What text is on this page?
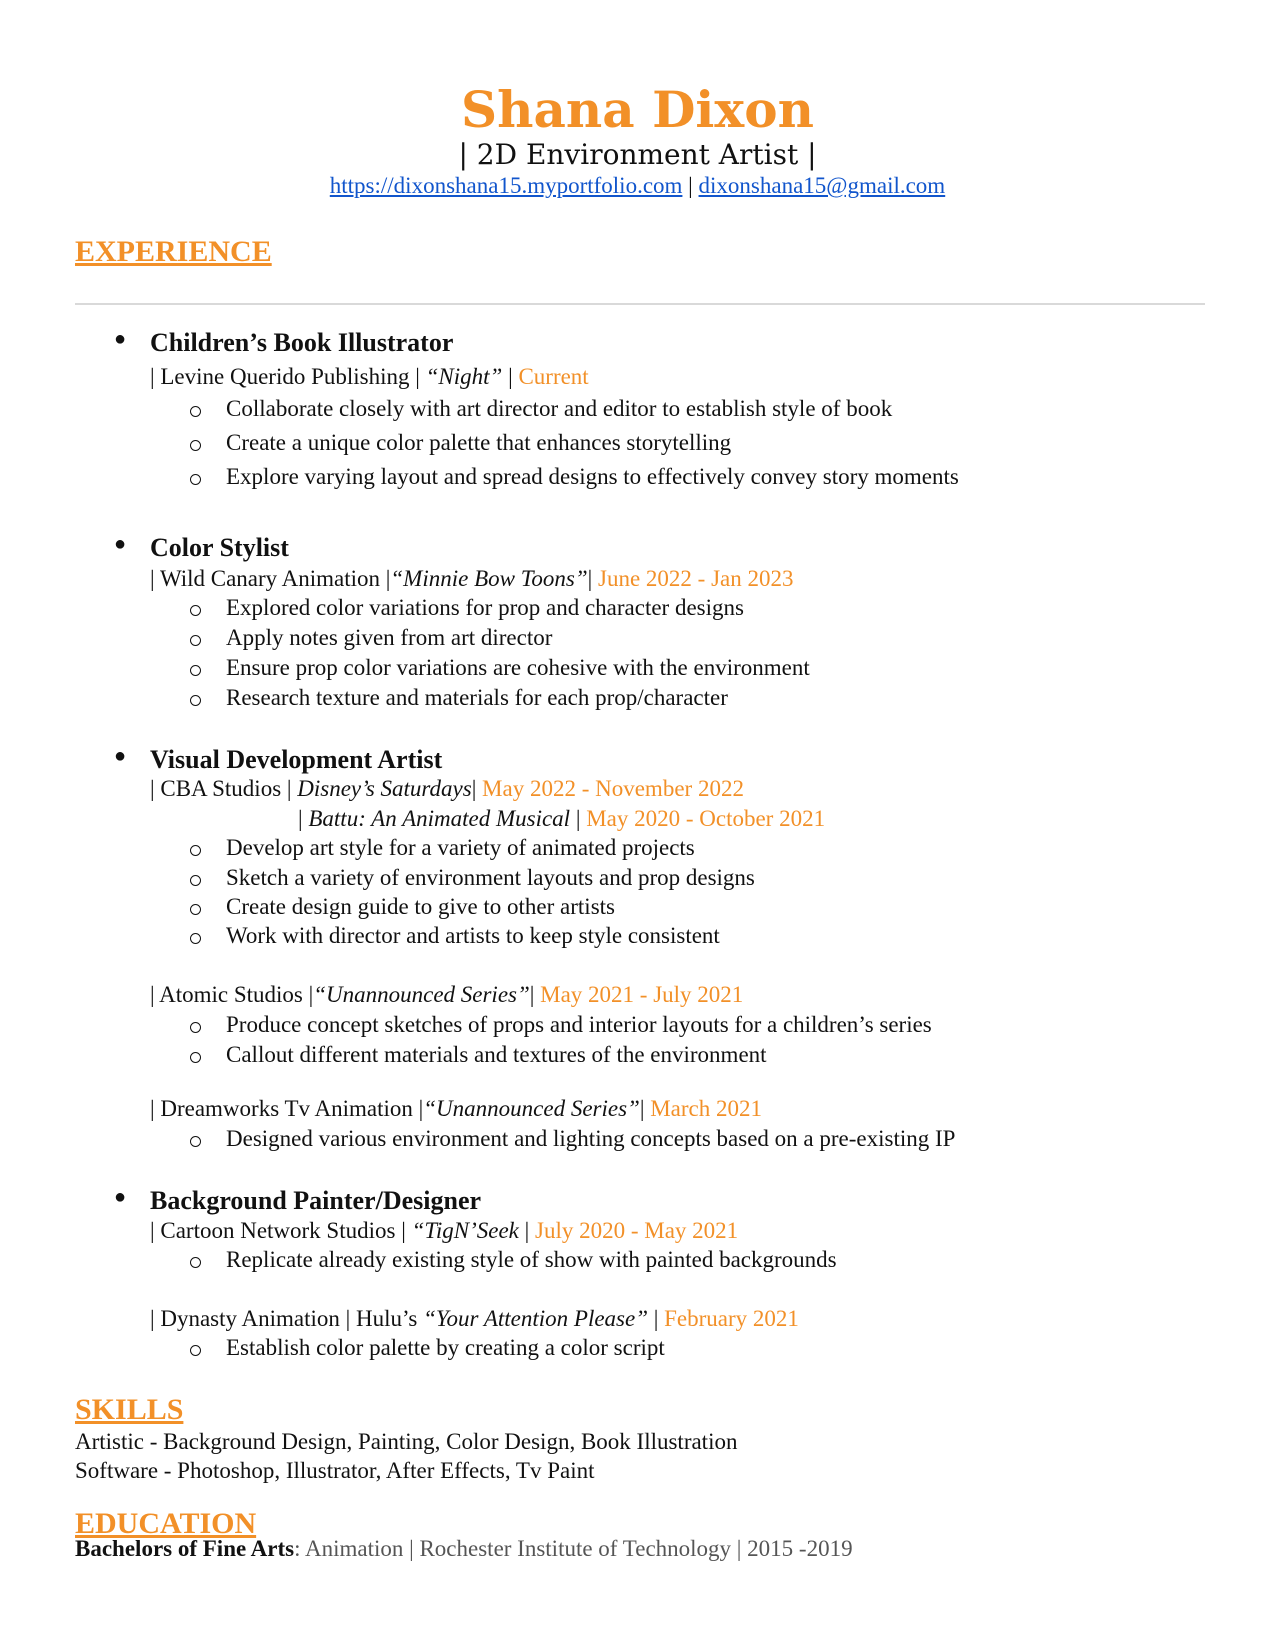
Shana Dixon
| 2D Environment Artist |
https://dixonshana15.myportfolio.com | dixonshana15@gmail.com
EXPERIENCE
● Children’s Book Illustrator
| Levine Querido Publishing | “Night” | Current
Collaborate closely with art director and editor to establish style of book
Create a unique color palette that enhances storytelling
Explore varying layout and spread designs to effectively convey story moments
● Color Stylist
| Wild Canary Animation |“Minnie Bow Toons”| June 2022 - Jan 2023
Explored color variations for prop and character designs
Apply notes given from art director
Ensure prop color variations are cohesive with the environment
Research texture and materials for each prop/character
● Visual Development Artist
| CBA Studios | Disney’s Saturdays| May 2022 - November 2022
| Battu: An Animated Musical | May 2020 - October 2021
Develop art style for a variety of animated projects
Sketch a variety of environment layouts and prop designs
Create design guide to give to other artists
Work with director and artists to keep style consistent
| Atomic Studios |“Unannounced Series”| May 2021 - July 2021
Produce concept sketches of props and interior layouts for a children’s series
Callout different materials and textures of the environment
| Dreamworks Tv Animation |“Unannounced Series”| March 2021
Designed various environment and lighting concepts based on a pre-existing IP
● Background Painter/Designer
| Cartoon Network Studios | “TigN’Seek | July 2020 - May 2021
Replicate already existing style of show with painted backgrounds
| Dynasty Animation | Hulu’s “Your Attention Please” | February 2021
Establish color palette by creating a color script
SKILLS
Artistic - Background Design, Painting, Color Design, Book Illustration
Software - Photoshop, Illustrator, After Effects, Tv Paint
EDUCATION
Bachelors of Fine Arts: Animation | Rochester Institute of Technology | 2015 -2019
